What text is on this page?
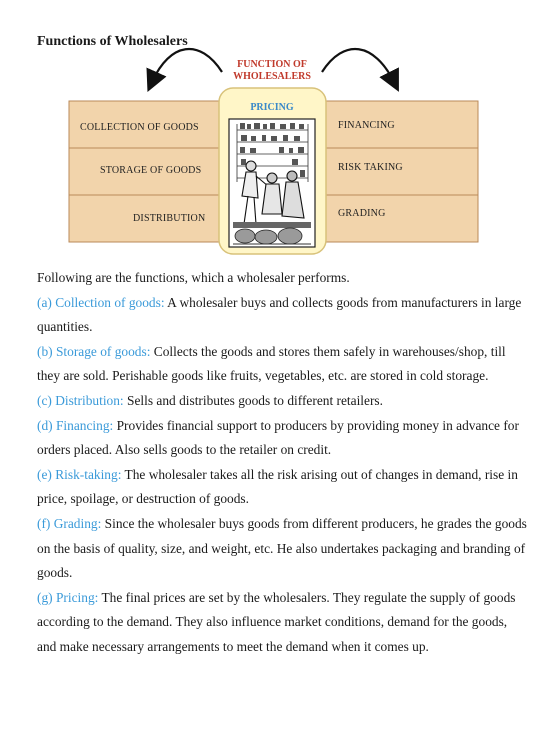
Functions of Wholesalers
COLLECTION OF GOODS
STORAGE OF GOODS
DISTRIBUTION
FINANCING
RISK TAKING
GRADING
FUNCTION OF
WHOLESALERS
PRICING

Following are the functions, which a wholesaler performs.

(a) Collection of goods: A wholesaler buys and collects goods from manufacturers in large quantities.

(b) Storage of goods: Collects the goods and stores them safely in warehouses/shop, till they are sold. Perishable goods like fruits, vegetables, etc. are stored in cold storage.

(c) Distribution: Sells and distributes goods to different retailers.

(d) Financing: Provides financial support to producers by providing money in advance for orders placed. Also sells goods to the retailer on credit.

(e) Risk-taking: The wholesaler takes all the risk arising out of changes in demand, rise in price, spoilage, or destruction of goods.

(f) Grading: Since the wholesaler buys goods from different producers, he grades the goods on the basis of quality, size, and weight, etc. He also undertakes packaging and branding of goods.

(g) Pricing: The final prices are set by the wholesalers. They regulate the supply of goods according to the demand. They also influence market conditions, demand for the goods, and make necessary arrangements to meet the demand when it comes up.
